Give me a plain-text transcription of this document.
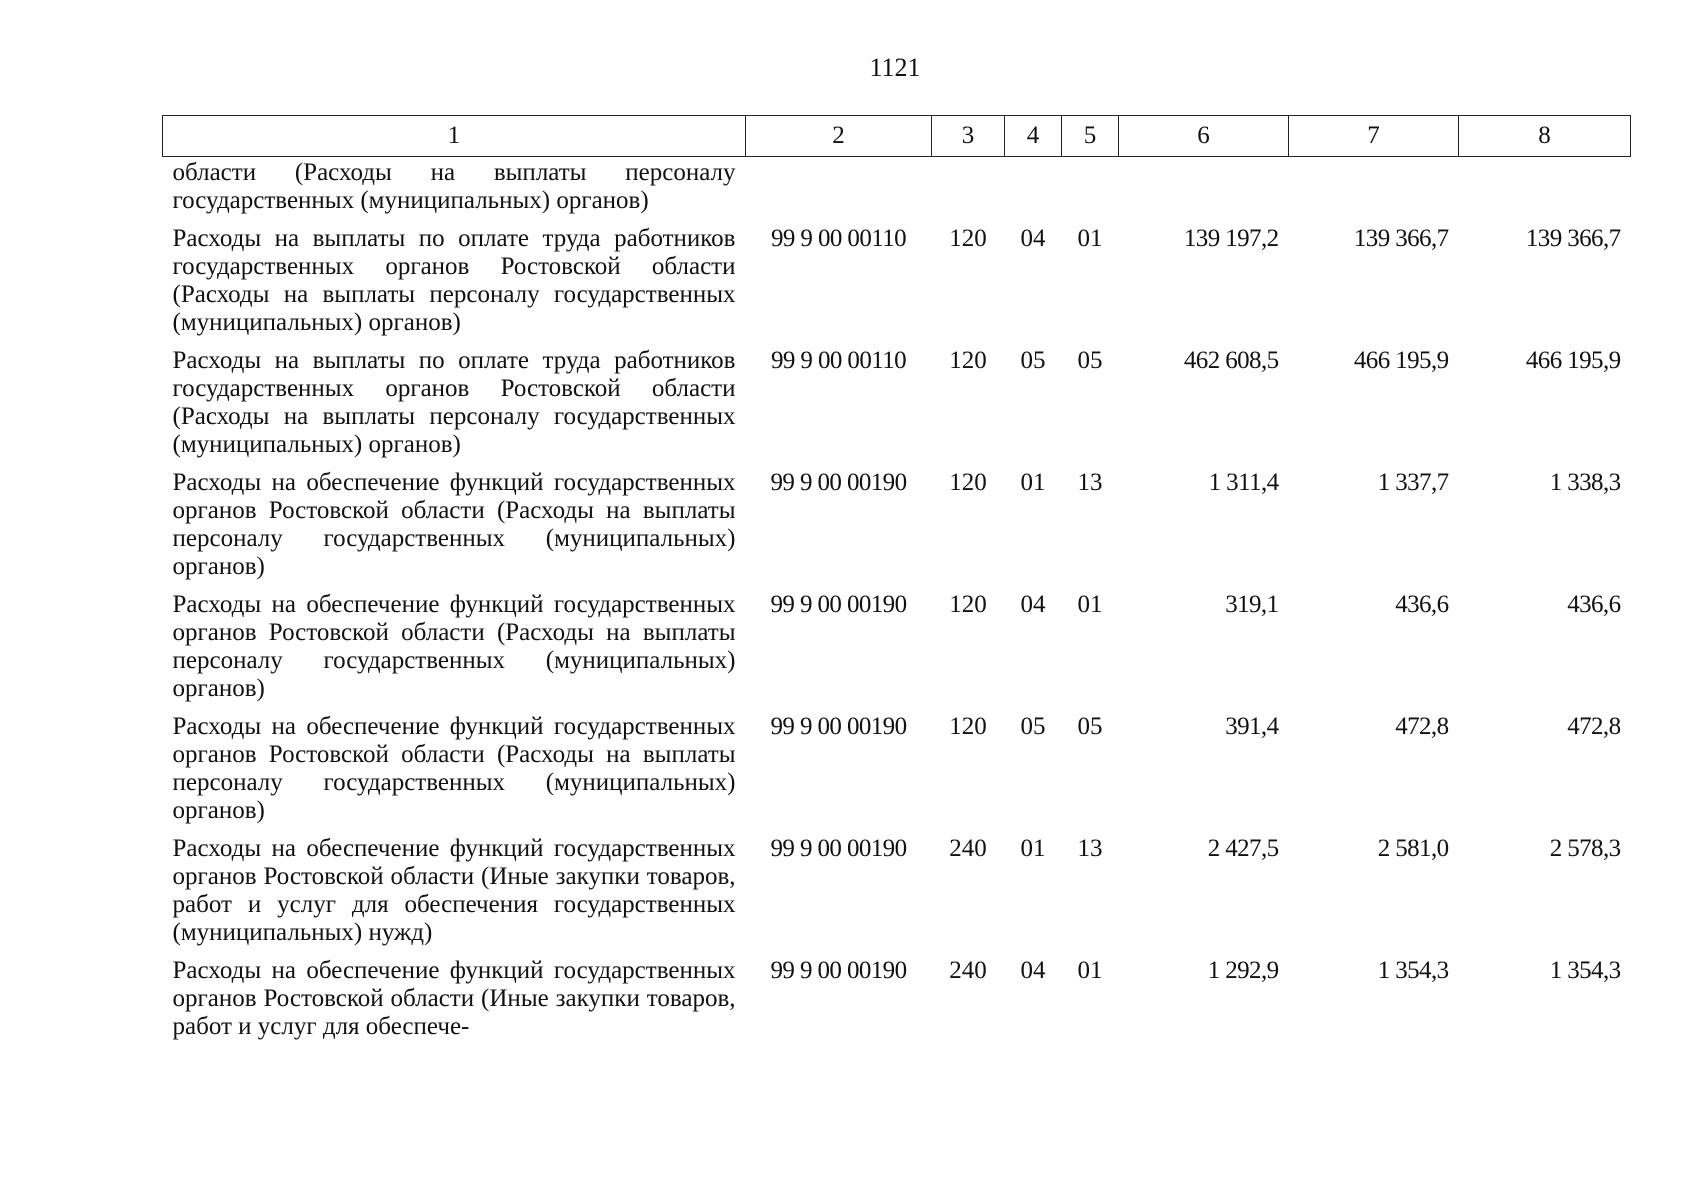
1121
1	2	3	4	5	6	7	8
области (Расходы на выплаты персоналу государственных (муниципальных) органов)							
Расходы на выплаты по оплате труда работников государственных органов Ростовской области (Расходы на выплаты персоналу государственных (муниципальных) органов)	99 9 00 00110	120	04	01	139 197,2	139 366,7	139 366,7
Расходы на выплаты по оплате труда работников государственных органов Ростовской области (Расходы на выплаты персоналу государственных (муниципальных) органов)	99 9 00 00110	120	05	05	462 608,5	466 195,9	466 195,9
Расходы на обеспечение функций государственных органов Ростовской области (Расходы на выплаты персоналу государственных (муниципальных) органов)	99 9 00 00190	120	01	13	1 311,4	1 337,7	1 338,3
Расходы на обеспечение функций государственных органов Ростовской области (Расходы на выплаты персоналу государственных (муниципальных) органов)	99 9 00 00190	120	04	01	319,1	436,6	436,6
Расходы на обеспечение функций государственных органов Ростовской области (Расходы на выплаты персоналу государственных (муниципальных) органов)	99 9 00 00190	120	05	05	391,4	472,8	472,8
Расходы на обеспечение функций государственных органов Ростовской области (Иные закупки товаров, работ и услуг для обеспечения государственных (муниципальных) нужд)	99 9 00 00190	240	01	13	2 427,5	2 581,0	2 578,3
Расходы на обеспечение функций государственных органов Ростовской области (Иные закупки товаров, работ и услуг для обеспече-	99 9 00 00190	240	04	01	1 292,9	1 354,3	1 354,3
